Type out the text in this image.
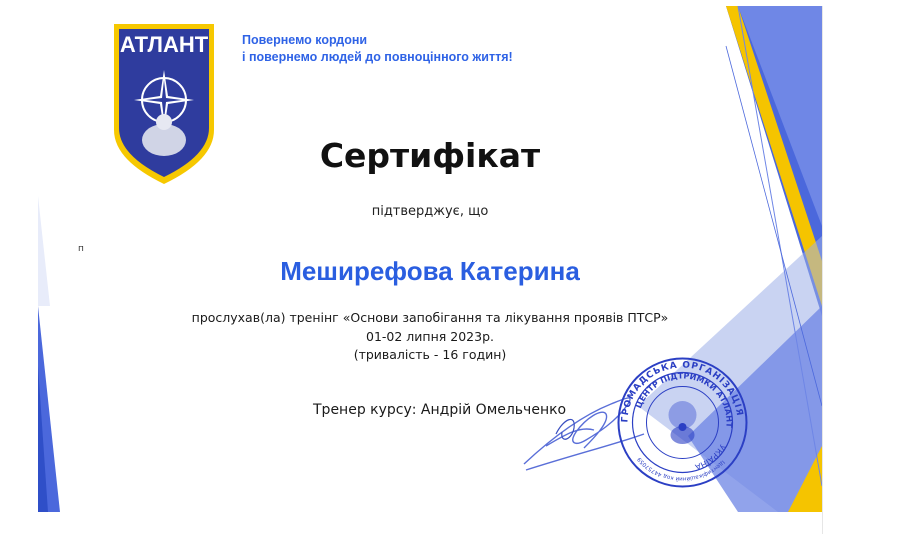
АТЛАНТ	Повернемо кордони
і повернемо людей до повноцінного життя!
Сертифікат
підтверджує, що
Мeширефова Катерина
прослухав(ла) тренінг «Основи запобігання та лікування проявів ПТСР»
01-02 липня 2023р.
(тривалість - 16 годин)
Тренер курсу: Андрій Омельченко
ГРОМАДСЬКА ОРГАНІЗАЦІЯ
ЦЕНТР ПІДТРИМКИ АТЛАНТ
УКРАЇНА	Ідентифікаційний код 44757059
п
